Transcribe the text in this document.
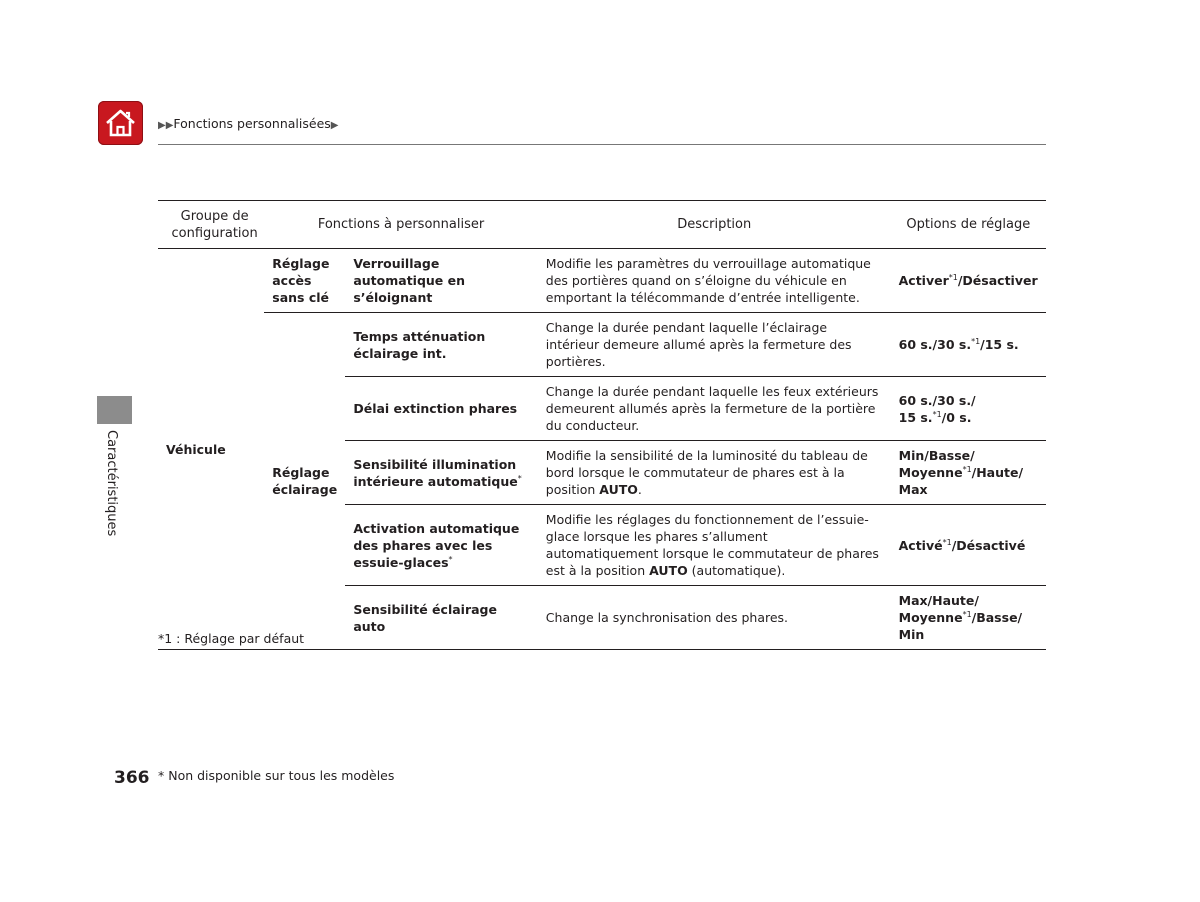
▶▶Fonctions personnalisées▶
Caractéristiques
Groupe de configuration	Fonctions à personnaliser		Description	Options de réglage
Véhicule	Réglage accès sans clé	Verrouillage automatique en s’éloignant	Modifie les paramètres du verrouillage automatique des portières quand on s’éloigne du véhicule en emportant la télécommande d’entrée intelligente.	Activer$^{*1}$/Désactiver
	Réglage éclairage	Temps atténuation éclairage int.	Change la durée pendant laquelle l’éclairage intérieur demeure allumé après la fermeture des portières.	60 s./30 s.$^{*1}$/15 s.
		Délai extinction phares	Change la durée pendant laquelle les feux extérieurs demeurent allumés après la fermeture de la portière du conducteur.	60 s./30 s./
15 s.$^{*1}$/0 s.
		Sensibilité illumination intérieure automatique*	Modifie la sensibilité de la luminosité du tableau de bord lorsque le commutateur de phares est à la position AUTO.	Min/Basse/
Moyenne$^{*1}$/Haute/
Max
		Activation automatique des phares avec les essuie-glaces*	Modifie les réglages du fonctionnement de l’essuie-glace lorsque les phares s’allument automatiquement lorsque le commutateur de phares est à la position AUTO (automatique).	Activé$^{*1}$/Désactivé
		Sensibilité éclairage auto	Change la synchronisation des phares.	Max/Haute/
Moyenne$^{*1}$/Basse/
Min
*1 : Réglage par défaut
366 * Non disponible sur tous les modèles
